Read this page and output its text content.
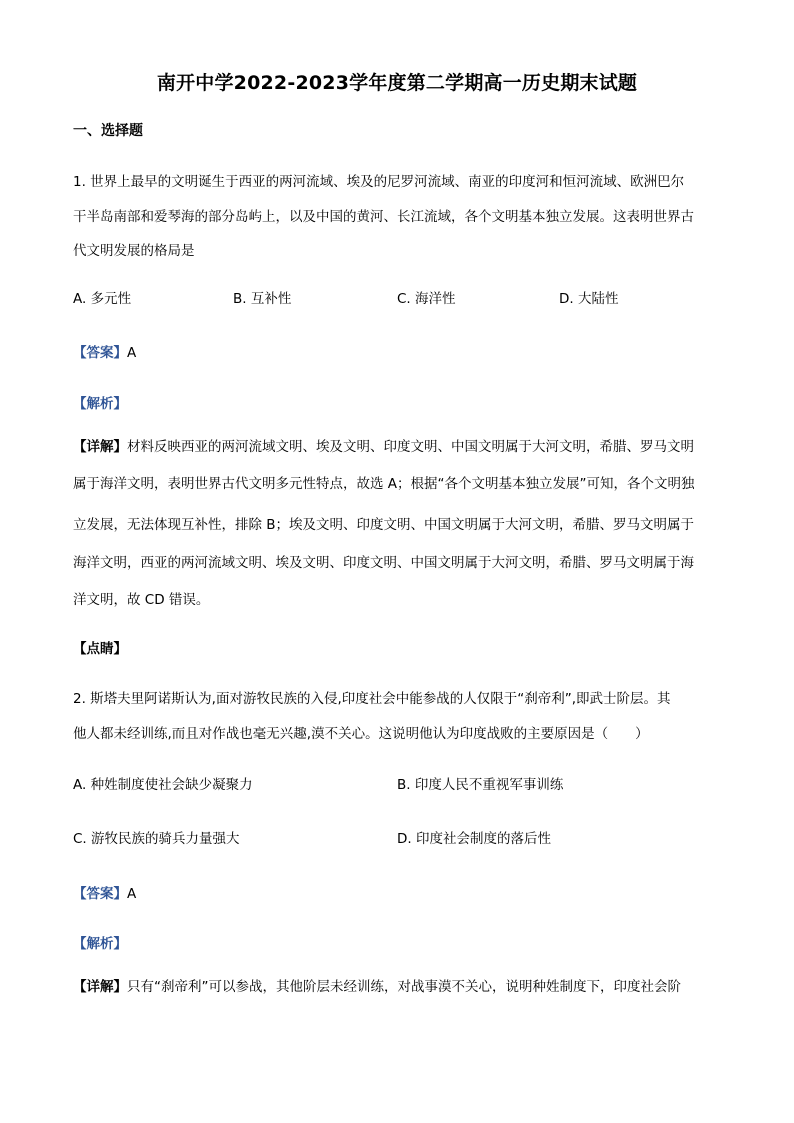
南开中学2022-2023学年度第二学期高一历史期末试题
一、选择题
1. 世界上最早的文明诞生于西亚的两河流域、埃及的尼罗河流域、南亚的印度河和恒河流域、欧洲巴尔
干半岛南部和爱琴海的部分岛屿上，以及中国的黄河、长江流域，各个文明基本独立发展。这表明世界古
代文明发展的格局是
A. 多元性	B. 互补性	C. 海洋性	D. 大陆性
【答案】A
【解析】
【详解】材料反映西亚的两河流域文明、埃及文明、印度文明、中国文明属于大河文明，希腊、罗马文明
属于海洋文明，表明世界古代文明多元性特点，故选 A；根据“各个文明基本独立发展”可知，各个文明独
立发展，无法体现互补性，排除 B；埃及文明、印度文明、中国文明属于大河文明，希腊、罗马文明属于
海洋文明，西亚的两河流域文明、埃及文明、印度文明、中国文明属于大河文明，希腊、罗马文明属于海
洋文明，故 CD 错误。
【点睛】
2. 斯塔夫里阿诺斯认为,面对游牧民族的入侵,印度社会中能参战的人仅限于“刹帝利”,即武士阶层。其
他人都未经训练,而且对作战也毫无兴趣,漠不关心。这说明他认为印度战败的主要原因是（　　）
A. 种姓制度使社会缺少凝聚力	B. 印度人民不重视军事训练
C. 游牧民族的骑兵力量强大	D. 印度社会制度的落后性
【答案】A
【解析】
【详解】只有“刹帝利”可以参战，其他阶层未经训练，对战事漠不关心，说明种姓制度下，印度社会阶
